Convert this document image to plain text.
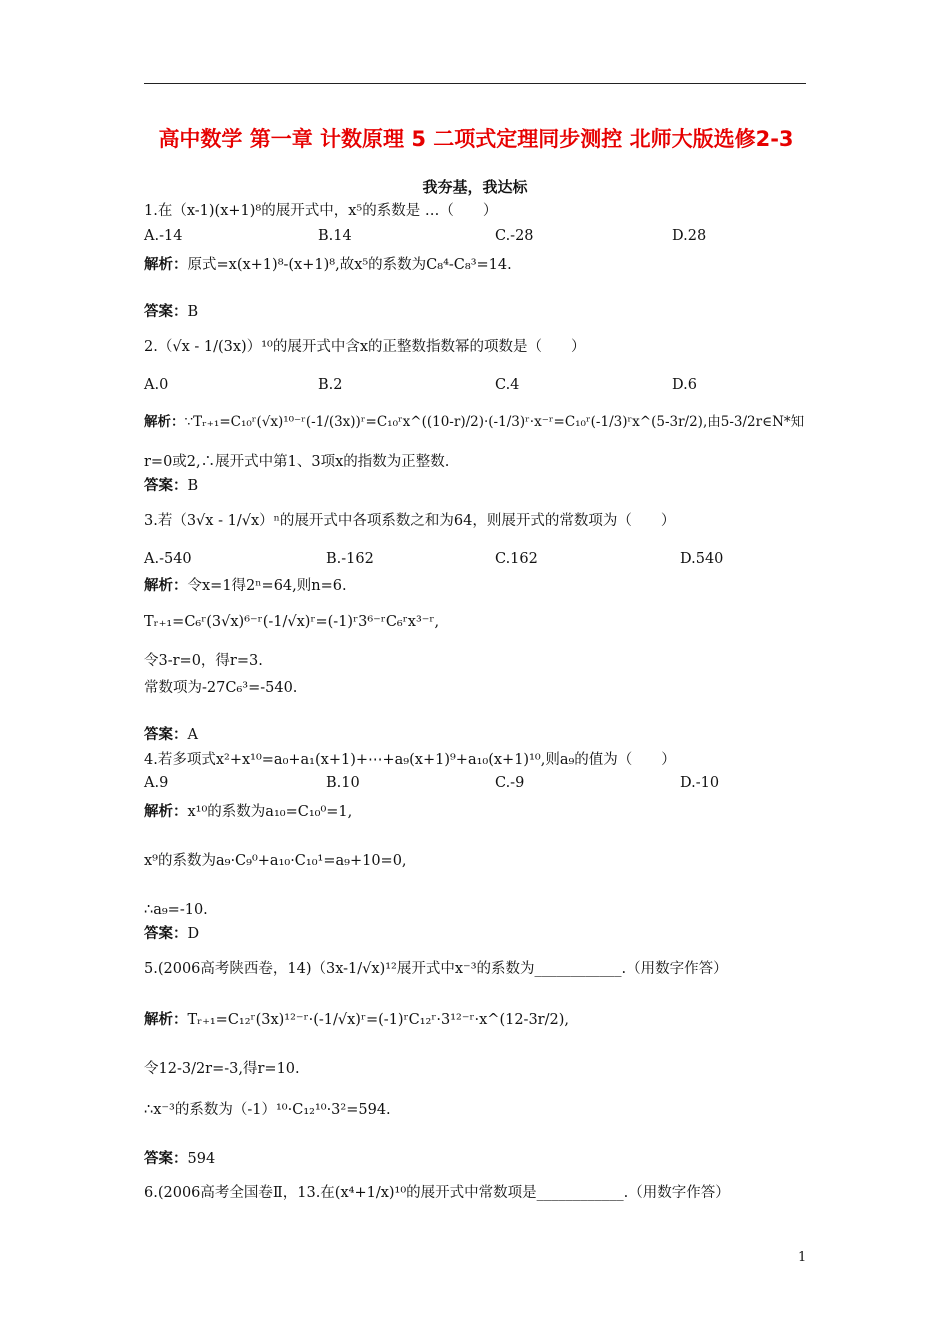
高中数学 第一章 计数原理 5 二项式定理同步测控 北师大版选修2-3
我夯基，我达标
1.在（x-1)(x+1)⁸的展开式中，x⁵的系数是 …（　　）
A.-14	B.14	C.-28	D.28
解析：原式=x(x+1)⁸-(x+1)⁸,故x⁵的系数为C₈⁴-C₈³=14.
答案：B
2.（√x - 1/(3x)）¹⁰的展开式中含x的正整数指数幂的项数是（　　）
A.0	B.2	C.4	D.6
解析：∵Tᵣ₊₁=C₁₀ʳ(√x)¹⁰⁻ʳ(-1/(3x))ʳ=C₁₀ʳx^((10-r)/2)·(-1/3)ʳ·x⁻ʳ=C₁₀ʳ(-1/3)ʳx^(5-3r/2),由5-3/2r∈N*知
r=0或2,∴展开式中第1、3项x的指数为正整数.
答案：B
3.若（3√x - 1/√x）ⁿ的展开式中各项系数之和为64，则展开式的常数项为（　　）
A.-540	B.-162	C.162	D.540
解析：令x=1得2ⁿ=64,则n=6.
Tᵣ₊₁=C₆ʳ(3√x)⁶⁻ʳ(-1/√x)ʳ=(-1)ʳ3⁶⁻ʳC₆ʳx³⁻ʳ,
令3-r=0，得r=3.
常数项为-27C₆³=-540.
答案：A
4.若多项式x²+x¹⁰=a₀+a₁(x+1)+⋯+a₉(x+1)⁹+a₁₀(x+1)¹⁰,则a₉的值为（　　）
A.9	B.10	C.-9	D.-10
解析：x¹⁰的系数为a₁₀=C₁₀⁰=1,
x⁹的系数为a₉·C₉⁰+a₁₀·C₁₀¹=a₉+10=0,
∴a₉=-10.
答案：D
5.(2006高考陕西卷，14)（3x-1/√x)¹²展开式中x⁻³的系数为____________.（用数字作答）
解析：Tᵣ₊₁=C₁₂ʳ(3x)¹²⁻ʳ·(-1/√x)ʳ=(-1)ʳC₁₂ʳ·3¹²⁻ʳ·x^(12-3r/2),
令12-3/2r=-3,得r=10.
∴x⁻³的系数为（-1）¹⁰·C₁₂¹⁰·3²=594.
答案：594
6.(2006高考全国卷Ⅱ，13.在(x⁴+1/x)¹⁰的展开式中常数项是____________.（用数字作答）
1
